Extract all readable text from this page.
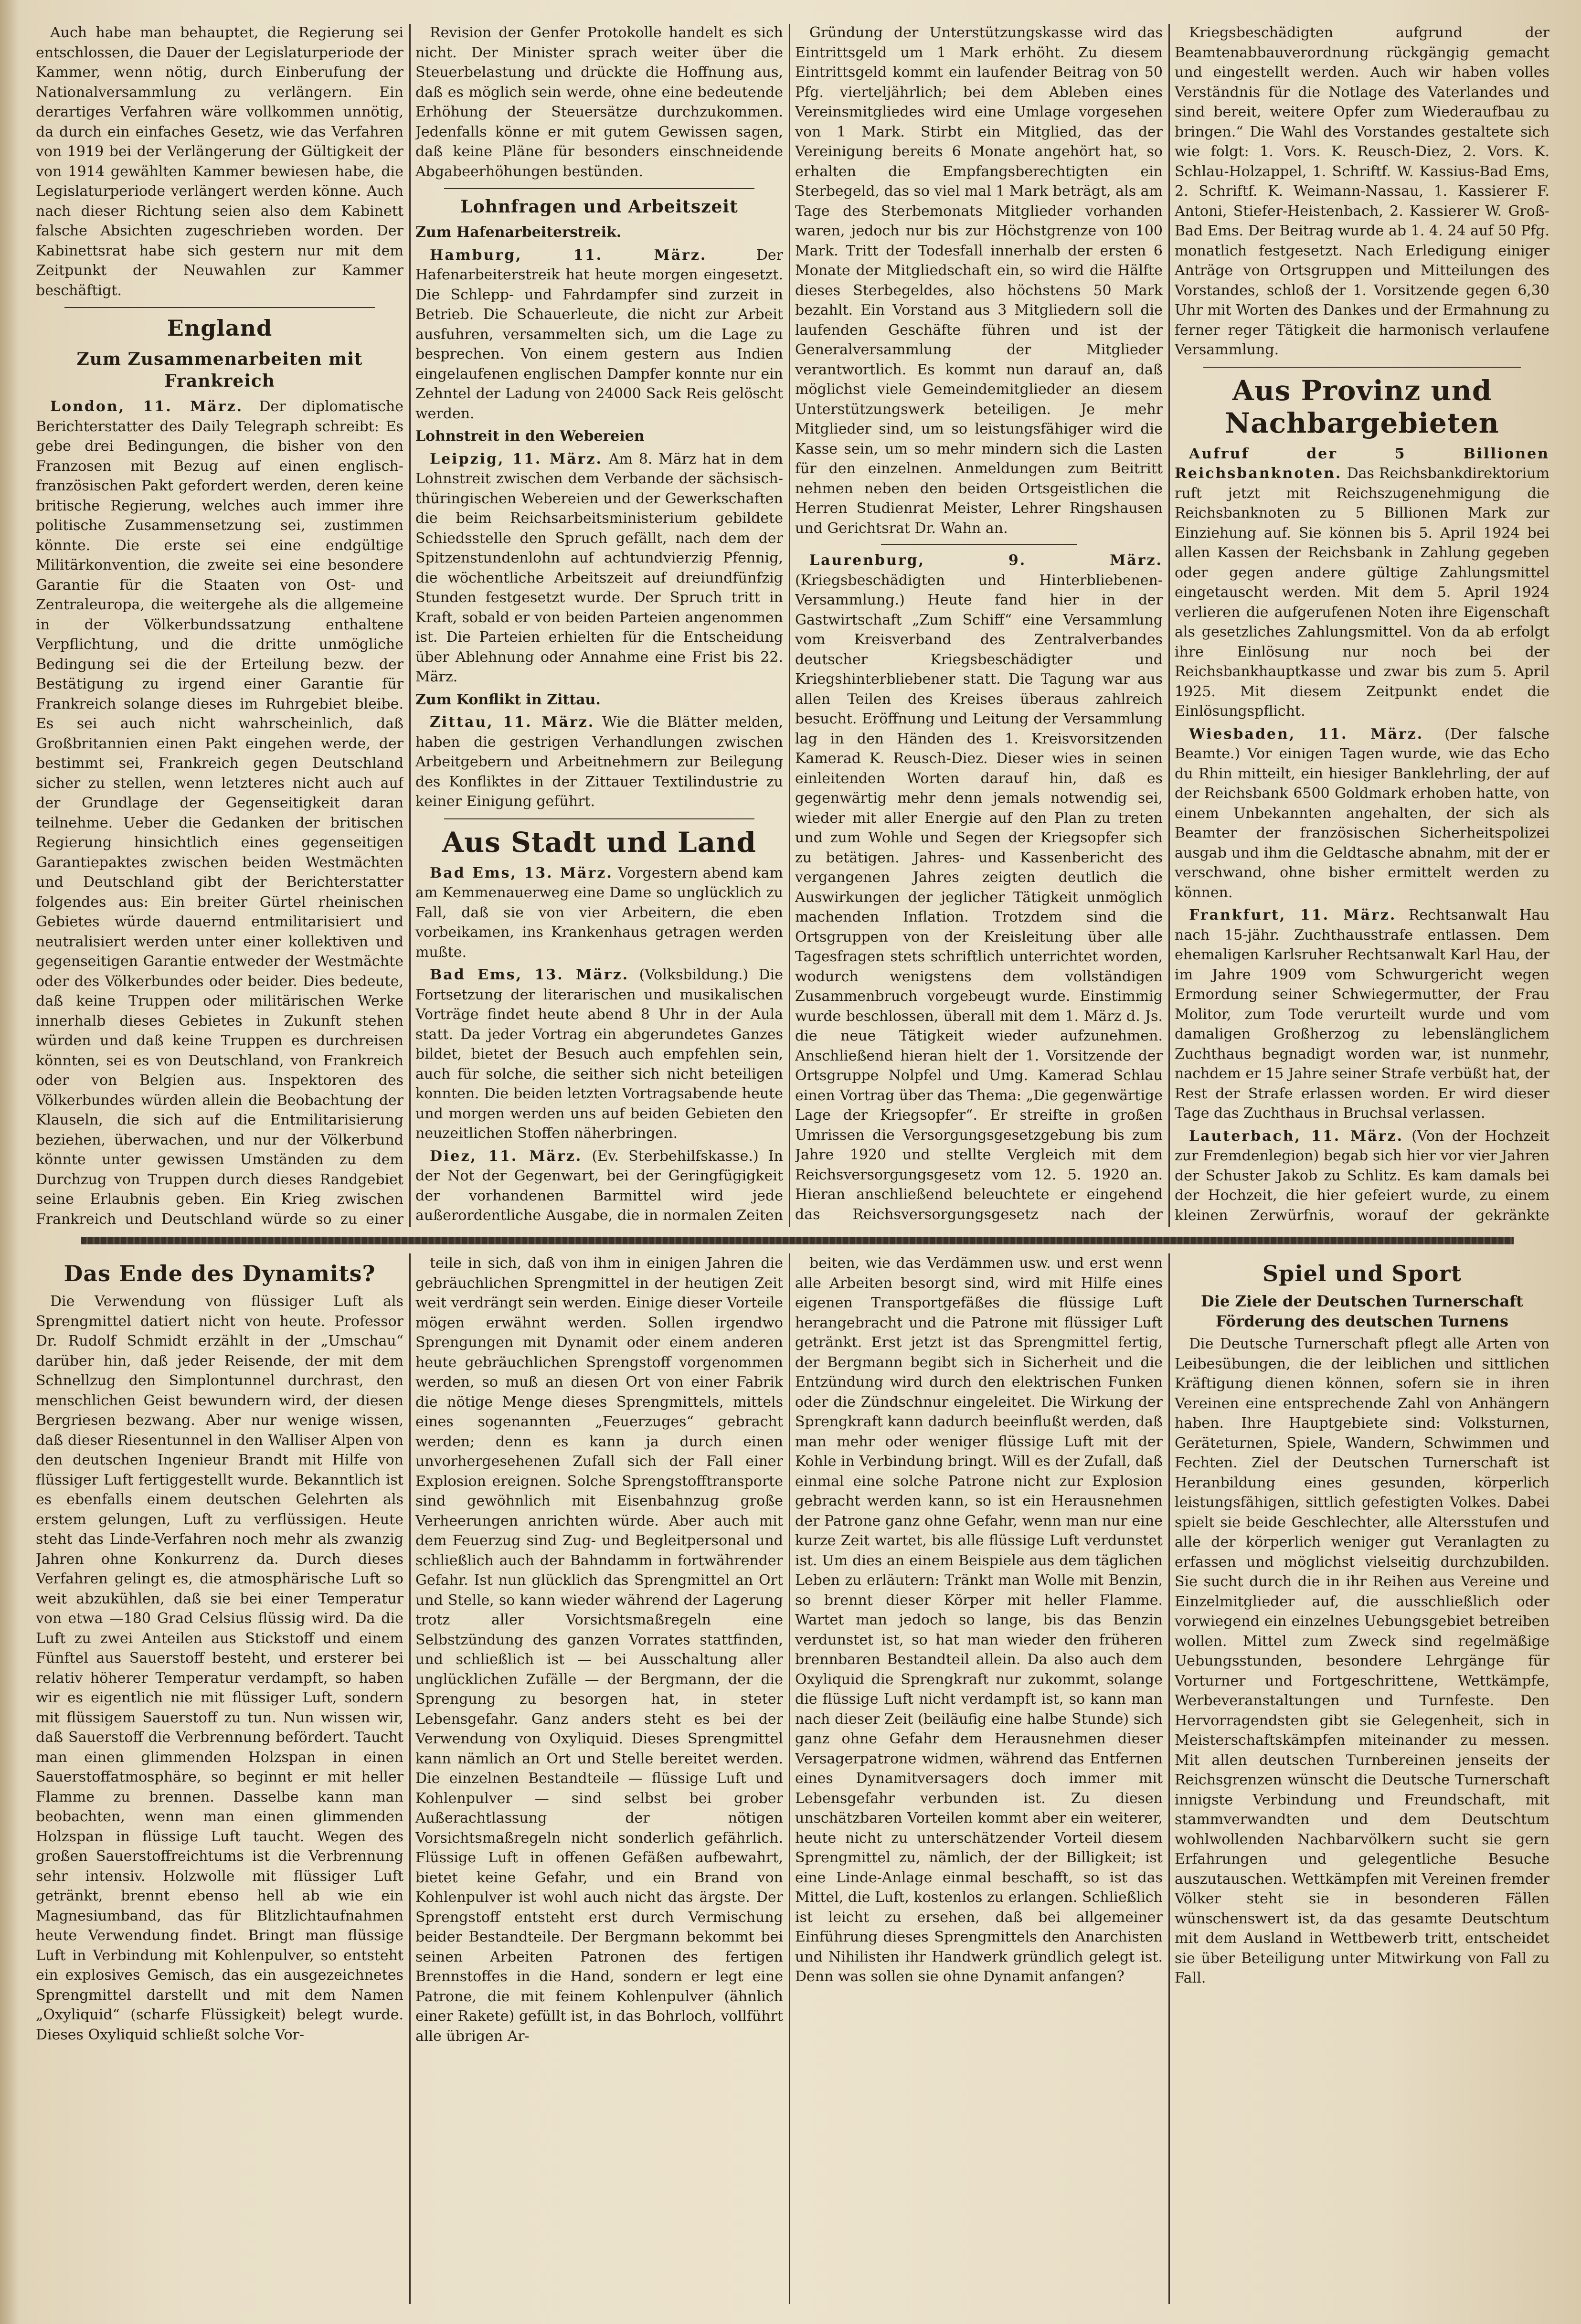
Auch habe man behauptet, die Regierung sei entschlossen, die Dauer der Legislaturperiode der Kammer, wenn nötig, durch Einberufung der Nationalversammlung zu verlängern. Ein derartiges Verfahren wäre vollkommen unnötig, da durch ein einfaches Gesetz, wie das Verfahren von 1919 bei der Verlängerung der Gültigkeit der von 1914 gewählten Kammer bewiesen habe, die Legislaturperiode verlängert werden könne. Auch nach dieser Richtung seien also dem Kabinett falsche Absichten zugeschrieben worden. Der Kabinettsrat habe sich gestern nur mit dem Zeitpunkt der Neuwahlen zur Kammer beschäftigt.

England
Zum Zusammenarbeiten mit Frankreich

London, 11. März. Der diplomatische Berichterstatter des Daily Telegraph schreibt: Es gebe drei Bedingungen, die bisher von den Franzosen mit Bezug auf einen englisch-französischen Pakt gefordert werden, deren keine britische Regierung, welches auch immer ihre politische Zusammensetzung sei, zustimmen könnte. Die erste sei eine endgültige Militärkonvention, die zweite sei eine besondere Garantie für die Staaten von Ost- und Zentraleuropa, die weitergehe als die allgemeine in der Völkerbundssatzung enthaltene Verpflichtung, und die dritte unmögliche Bedingung sei die der Erteilung bezw. der Bestätigung zu irgend einer Garantie für Frankreich solange dieses im Ruhrgebiet bleibe. Es sei auch nicht wahrscheinlich, daß Großbritannien einen Pakt eingehen werde, der bestimmt sei, Frankreich gegen Deutschland sicher zu stellen, wenn letzteres nicht auch auf der Grundlage der Gegenseitigkeit daran teilnehme. Ueber die Gedanken der britischen Regierung hinsichtlich eines gegenseitigen Garantiepaktes zwischen beiden Westmächten und Deutschland gibt der Berichterstatter folgendes aus: Ein breiter Gürtel rheinischen Gebietes würde dauernd entmilitarisiert und neutralisiert werden unter einer kollektiven und gegenseitigen Garantie entweder der Westmächte oder des Völkerbundes oder beider. Dies bedeute, daß keine Truppen oder militärischen Werke innerhalb dieses Gebietes in Zukunft stehen würden und daß keine Truppen es durchreisen könnten, sei es von Deutschland, von Frankreich oder von Belgien aus. Inspektoren des Völkerbundes würden allein die Beobachtung der Klauseln, die sich auf die Entmilitarisierung beziehen, überwachen, und nur der Völkerbund könnte unter gewissen Umständen zu dem Durchzug von Truppen durch dieses Randgebiet seine Erlaubnis geben. Ein Krieg zwischen Frankreich und Deutschland würde so zu einer

Revision der Genfer Protokolle handelt es sich nicht. Der Minister sprach weiter über die Steuerbelastung und drückte die Hoffnung aus, daß es möglich sein werde, ohne eine bedeutende Erhöhung der Steuersätze durchzukommen. Jedenfalls könne er mit gutem Gewissen sagen, daß keine Pläne für besonders einschneidende Abgabeerhöhungen bestünden.

Lohnfragen und Arbeitszeit
Zum Hafenarbeiterstreik.

Hamburg, 11. März.	Der Hafenarbeiterstreik hat heute morgen eingesetzt. Die Schlepp- und Fahrdampfer sind zurzeit in Betrieb. Die Schauerleute, die nicht zur Arbeit ausfuhren, versammelten sich, um die Lage zu besprechen. Von einem gestern aus Indien eingelaufenen englischen Dampfer konnte nur ein Zehntel der Ladung von 24000 Sack Reis gelöscht werden.

Lohnstreit in den Webereien

Leipzig, 11. März. Am 8. März hat in dem Lohnstreit zwischen dem Verbande der sächsisch-thüringischen Webereien und der Gewerkschaften die beim Reichsarbeitsministerium gebildete Schiedsstelle den Spruch gefällt, nach dem der Spitzenstundenlohn auf achtundvierzig Pfennig, die wöchentliche Arbeitszeit auf dreiundfünfzig Stunden festgesetzt wurde. Der Spruch tritt in Kraft, sobald er von beiden Parteien angenommen ist. Die Parteien erhielten für die Entscheidung über Ablehnung oder Annahme eine Frist bis 22. März.

Zum Konflikt in Zittau.

Zittau, 11. März. Wie die Blätter melden, haben die gestrigen Verhandlungen zwischen Arbeitgebern und Arbeitnehmern zur Beilegung des Konfliktes in der Zittauer Textilindustrie zu keiner Einigung geführt.

Aus Stadt und Land

Bad Ems, 13. März. Vorgestern abend kam am Kemmenauerweg eine Dame so unglücklich zu Fall, daß sie von vier Arbeitern, die eben vorbeikamen, ins Krankenhaus getragen werden mußte.

Bad Ems, 13. März. (Volksbildung.) Die Fortsetzung der literarischen und musikalischen Vorträge findet heute abend 8 Uhr in der Aula statt. Da jeder Vortrag ein abgerundetes Ganzes bildet, bietet der Besuch auch empfehlen sein, auch für solche, die seither sich nicht beteiligen konnten. Die beiden letzten Vortragsabende heute und morgen werden uns auf beiden Gebieten den neuzeitlichen Stoffen näherbringen.

Diez, 11. März. (Ev. Sterbehilfskasse.) In der Not der Gegenwart, bei der Geringfügigkeit der vorhandenen Barmittel wird jede außerordentliche Ausgabe, die in normalen Zeiten

Gründung der Unterstützungskasse wird das Eintrittsgeld um 1 Mark erhöht. Zu diesem Eintrittsgeld kommt ein laufender Beitrag von 50 Pfg. vierteljährlich; bei dem Ableben eines Vereinsmitgliedes wird eine Umlage vorgesehen von 1 Mark. Stirbt ein Mitglied, das der Vereinigung bereits 6 Monate angehört hat, so erhalten die Empfangsberechtigten ein Sterbegeld, das so viel mal 1 Mark beträgt, als am Tage des Sterbemonats Mitglieder vorhanden waren, jedoch nur bis zur Höchstgrenze von 100 Mark. Tritt der Todesfall innerhalb der ersten 6 Monate der Mitgliedschaft ein, so wird die Hälfte dieses Sterbegeldes, also höchstens 50 Mark bezahlt. Ein Vorstand aus 3 Mitgliedern soll die laufenden Geschäfte führen und ist der Generalversammlung der Mitglieder verantwortlich. Es kommt nun darauf an, daß möglichst viele Gemeindemitglieder an diesem Unterstützungswerk beteiligen. Je mehr Mitglieder sind, um so leistungsfähiger wird die Kasse sein, um so mehr mindern sich die Lasten für den einzelnen. Anmeldungen zum Beitritt nehmen neben den beiden Ortsgeistlichen die Herren Studienrat Meister, Lehrer Ringshausen und Gerichtsrat Dr. Wahn an.

Laurenburg, 9. März. (Kriegsbeschädigten und Hinterbliebenen-Versammlung.) Heute fand hier in der Gastwirtschaft „Zum Schiff“ eine Versammlung vom Kreisverband des Zentralverbandes deutscher Kriegsbeschädigter und Kriegshinterbliebener statt. Die Tagung war aus allen Teilen des Kreises überaus zahlreich besucht. Eröffnung und Leitung der Versammlung lag in den Händen des 1. Kreisvorsitzenden Kamerad K. Reusch-Diez. Dieser wies in seinen einleitenden Worten darauf hin, daß es gegenwärtig mehr denn jemals notwendig sei, wieder mit aller Energie auf den Plan zu treten und zum Wohle und Segen der Kriegsopfer sich zu betätigen. Jahres- und Kassenbericht des vergangenen Jahres zeigten deutlich die Auswirkungen der jeglicher Tätigkeit unmöglich machenden Inflation. Trotzdem sind die Ortsgruppen von der Kreisleitung über alle Tagesfragen stets schriftlich unterrichtet worden, wodurch wenigstens dem vollständigen Zusammenbruch vorgebeugt wurde. Einstimmig wurde beschlossen, überall mit dem 1. März d. Js. die neue Tätigkeit wieder aufzunehmen. Anschließend hieran hielt der 1. Vorsitzende der Ortsgruppe Nolpfel und Umg. Kamerad Schlau einen Vortrag über das Thema: „Die gegenwärtige Lage der Kriegsopfer“. Er streifte in großen Umrissen die Versorgungsgesetzgebung bis zum Jahre 1920 und stellte Vergleich mit dem Reichsversorgungsgesetz vom 12. 5. 1920 an. Hieran anschließend beleuchtete er eingehend das Reichsversorgungsgesetz nach der

Kriegsbeschädigten aufgrund der Beamtenabbauverordnung rückgängig gemacht und eingestellt werden. Auch wir haben volles Verständnis für die Notlage des Vaterlandes und sind bereit, weitere Opfer zum Wiederaufbau zu bringen.“ Die Wahl des Vorstandes gestaltete sich wie folgt: 1. Vors. K. Reusch-Diez, 2. Vors. K. Schlau-Holzappel, 1. Schriftf. W. Kassius-Bad Ems, 2. Schriftf. K. Weimann-Nassau, 1. Kassierer F. Antoni, Stiefer-Heistenbach, 2. Kassierer W. Groß-Bad Ems. Der Beitrag wurde ab 1. 4. 24 auf 50 Pfg. monatlich festgesetzt. Nach Erledigung einiger Anträge von Ortsgruppen und Mitteilungen des Vorstandes, schloß der 1. Vorsitzende gegen 6,30 Uhr mit Worten des Dankes und der Ermahnung zu ferner reger Tätigkeit die harmonisch verlaufene Versammlung.

Aus Provinz und Nachbargebieten

Aufruf der 5 Billionen Reichsbanknoten. Das Reichsbankdirektorium ruft jetzt mit Reichszugenehmigung die Reichsbanknoten zu 5 Billionen Mark zur Einziehung auf. Sie können bis 5. April 1924 bei allen Kassen der Reichsbank in Zahlung gegeben oder gegen andere gültige Zahlungsmittel eingetauscht werden. Mit dem 5. April 1924 verlieren die aufgerufenen Noten ihre Eigenschaft als gesetzliches Zahlungsmittel. Von da ab erfolgt ihre Einlösung nur noch bei der Reichsbankhauptkasse und zwar bis zum 5. April 1925. Mit diesem Zeitpunkt endet die Einlösungspflicht.

Wiesbaden, 11. März. (Der falsche Beamte.) Vor einigen Tagen wurde, wie das Echo du Rhin mitteilt, ein hiesiger Banklehrling, der auf der Reichsbank 6500 Goldmark erhoben hatte, von einem Unbekannten angehalten, der sich als Beamter der französischen Sicherheitspolizei ausgab und ihm die Geldtasche abnahm, mit der er verschwand, ohne bisher ermittelt werden zu können.

Frankfurt, 11. März. Rechtsanwalt Hau nach 15-jähr. Zuchthausstrafe entlassen. Dem ehemaligen Karlsruher Rechtsanwalt Karl Hau, der im Jahre 1909 vom Schwurgericht wegen Ermordung seiner Schwiegermutter, der Frau Molitor, zum Tode verurteilt wurde und vom damaligen Großherzog zu lebenslänglichem Zuchthaus begnadigt worden war, ist nunmehr, nachdem er 15 Jahre seiner Strafe verbüßt hat, der Rest der Strafe erlassen worden. Er wird dieser Tage das Zuchthaus in Bruchsal verlassen.

Lauterbach, 11. März. (Von der Hochzeit zur Fremdenlegion) begab sich hier vor vier Jahren der Schuster Jakob zu Schlitz. Es kam damals bei der Hochzeit, die hier gefeiert wurde, zu einem kleinen Zerwürfnis, worauf der gekränkte

Das Ende des Dynamits?

Die Verwendung von flüssiger Luft als Sprengmittel datiert nicht von heute. Professor Dr. Rudolf Schmidt erzählt in der „Umschau“ darüber hin, daß jeder Reisende, der mit dem Schnellzug den Simplontunnel durchrast, den menschlichen Geist bewundern wird, der diesen Bergriesen bezwang. Aber nur wenige wissen, daß dieser Riesentunnel in den Walliser Alpen von den deutschen Ingenieur Brandt mit Hilfe von flüssiger Luft fertiggestellt wurde. Bekanntlich ist es ebenfalls einem deutschen Gelehrten als erstem gelungen, Luft zu verflüssigen. Heute steht das Linde-Verfahren noch mehr als zwanzig Jahren ohne Konkurrenz da. Durch dieses Verfahren gelingt es, die atmosphärische Luft so weit abzukühlen, daß sie bei einer Temperatur von etwa —180 Grad Celsius flüssig wird. Da die Luft zu zwei Anteilen aus Stickstoff und einem Fünftel aus Sauerstoff besteht, und ersterer bei relativ höherer Temperatur verdampft, so haben wir es eigentlich nie mit flüssiger Luft, sondern mit flüssigem Sauerstoff zu tun. Nun wissen wir, daß Sauerstoff die Verbrennung befördert. Taucht man einen glimmenden Holzspan in einen Sauerstoffatmosphäre, so beginnt er mit heller Flamme zu brennen. Dasselbe kann man beobachten, wenn man einen glimmenden Holzspan in flüssige Luft taucht. Wegen des großen Sauerstoffreichtums ist die Verbrennung sehr intensiv. Holzwolle mit flüssiger Luft getränkt, brennt ebenso hell ab wie ein Magnesiumband, das für Blitzlichtaufnahmen heute Verwendung findet. Bringt man flüssige Luft in Verbindung mit Kohlenpulver, so entsteht ein explosives Gemisch, das ein ausgezeichnetes Sprengmittel darstellt und mit dem Namen „Oxyliquid“ (scharfe Flüssigkeit) belegt wurde. Dieses Oxyliquid schließt solche Vor-

teile in sich, daß von ihm in einigen Jahren die gebräuchlichen Sprengmittel in der heutigen Zeit weit verdrängt sein werden. Einige dieser Vorteile mögen erwähnt werden. Sollen irgendwo Sprengungen mit Dynamit oder einem anderen heute gebräuchlichen Sprengstoff vorgenommen werden, so muß an diesen Ort von einer Fabrik die nötige Menge dieses Sprengmittels, mittels eines sogenannten „Feuerzuges“ gebracht werden; denn es kann ja durch einen unvorhergesehenen Zufall sich der Fall einer Explosion ereignen. Solche Sprengstofftransporte sind gewöhnlich mit Eisenbahnzug große Verheerungen anrichten würde. Aber auch mit dem Feuerzug sind Zug- und Begleitpersonal und schließlich auch der Bahndamm in fortwährender Gefahr. Ist nun glücklich das Sprengmittel an Ort und Stelle, so kann wieder während der Lagerung trotz aller Vorsichtsmaßregeln eine Selbstzündung des ganzen Vorrates stattfinden, und schließlich ist — bei Ausschaltung aller unglücklichen Zufälle — der Bergmann, der die Sprengung zu besorgen hat, in steter Lebensgefahr. Ganz anders steht es bei der Verwendung von Oxyliquid. Dieses Sprengmittel kann nämlich an Ort und Stelle bereitet werden. Die einzelnen Bestandteile — flüssige Luft und Kohlenpulver — sind selbst bei grober Außerachtlassung der nötigen Vorsichtsmaßregeln nicht sonderlich gefährlich. Flüssige Luft in offenen Gefäßen aufbewahrt, bietet keine Gefahr, und ein Brand von Kohlenpulver ist wohl auch nicht das ärgste. Der Sprengstoff entsteht erst durch Vermischung beider Bestandteile. Der Bergmann bekommt bei seinen Arbeiten Patronen des fertigen Brennstoffes in die Hand, sondern er legt eine Patrone, die mit feinem Kohlenpulver (ähnlich einer Rakete) gefüllt ist, in das Bohrloch, vollführt alle übrigen Ar-

beiten, wie das Verdämmen usw. und erst wenn alle Arbeiten besorgt sind, wird mit Hilfe eines eigenen Transportgefäßes die flüssige Luft herangebracht und die Patrone mit flüssiger Luft getränkt. Erst jetzt ist das Sprengmittel fertig, der Bergmann begibt sich in Sicherheit und die Entzündung wird durch den elektrischen Funken oder die Zündschnur eingeleitet. Die Wirkung der Sprengkraft kann dadurch beeinflußt werden, daß man mehr oder weniger flüssige Luft mit der Kohle in Verbindung bringt. Will es der Zufall, daß einmal eine solche Patrone nicht zur Explosion gebracht werden kann, so ist ein Herausnehmen der Patrone ganz ohne Gefahr, wenn man nur eine kurze Zeit wartet, bis alle flüssige Luft verdunstet ist. Um dies an einem Beispiele aus dem täglichen Leben zu erläutern: Tränkt man Wolle mit Benzin, so brennt dieser Körper mit heller Flamme. Wartet man jedoch so lange, bis das Benzin verdunstet ist, so hat man wieder den früheren brennbaren Bestandteil allein. Da also auch dem Oxyliquid die Sprengkraft nur zukommt, solange die flüssige Luft nicht verdampft ist, so kann man nach dieser Zeit (beiläufig eine halbe Stunde) sich ganz ohne Gefahr dem Herausnehmen dieser Versagerpatrone widmen, während das Entfernen eines Dynamitversagers doch immer mit Lebensgefahr verbunden ist. Zu diesen unschätzbaren Vorteilen kommt aber ein weiterer, heute nicht zu unterschätzender Vorteil diesem Sprengmittel zu, nämlich, der der Billigkeit; ist eine Linde-Anlage einmal beschafft, so ist das Mittel, die Luft, kostenlos zu erlangen. Schließlich ist leicht zu ersehen, daß bei allgemeiner Einführung dieses Sprengmittels den Anarchisten und Nihilisten ihr Handwerk gründlich gelegt ist. Denn was sollen sie ohne Dynamit anfangen?

Spiel und Sport
Die Ziele der Deutschen Turnerschaft Förderung des deutschen Turnens

Die Deutsche Turnerschaft pflegt alle Arten von Leibesübungen, die der leiblichen und sittlichen Kräftigung dienen können, sofern sie in ihren Vereinen eine entsprechende Zahl von Anhängern haben. Ihre Hauptgebiete sind: Volksturnen, Geräteturnen, Spiele, Wandern, Schwimmen und Fechten. Ziel der Deutschen Turnerschaft ist Heranbildung eines gesunden, körperlich leistungsfähigen, sittlich gefestigten Volkes. Dabei spielt sie beide Geschlechter, alle Altersstufen und alle der körperlich weniger gut Veranlagten zu erfassen und möglichst vielseitig durchzubilden. Sie sucht durch die in ihr Reihen aus Vereine und Einzelmitglieder auf, die ausschließlich oder vorwiegend ein einzelnes Uebungsgebiet betreiben wollen. Mittel zum Zweck sind regelmäßige Uebungsstunden, besondere Lehrgänge für Vorturner und Fortgeschrittene, Wettkämpfe, Werbeveranstaltungen und Turnfeste. Den Hervorragendsten gibt sie Gelegenheit, sich in Meisterschaftskämpfen miteinander zu messen. Mit allen deutschen Turnbereinen jenseits der Reichsgrenzen wünscht die Deutsche Turnerschaft innigste Verbindung und Freundschaft, mit stammverwandten und dem Deutschtum wohlwollenden Nachbarvölkern sucht sie gern Erfahrungen und gelegentliche Besuche auszutauschen. Wettkämpfen mit Vereinen fremder Völker steht sie in besonderen Fällen wünschenswert ist, da das gesamte Deutschtum mit dem Ausland in Wettbewerb tritt, entscheidet sie über Beteiligung unter Mitwirkung von Fall zu Fall.
